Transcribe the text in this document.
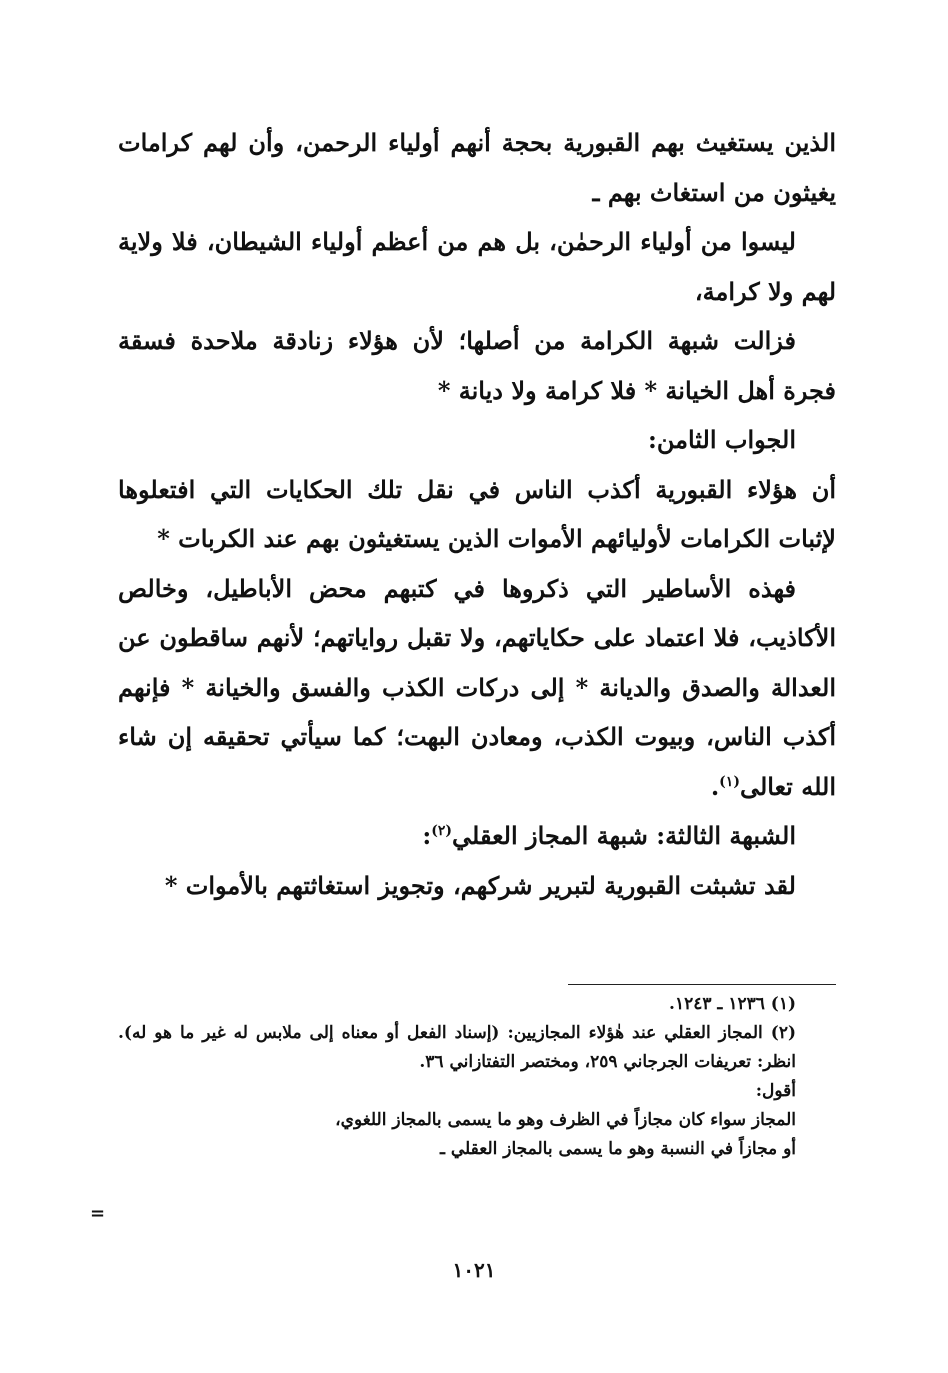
الذين يستغيث بهم القبورية بحجة أنهم أولياء الرحمن، وأن لهم كرامات يغيثون من استغاث بهم ـ

ليسوا من أولياء الرحمٰن، بل هم من أعظم أولياء الشيطان، فلا ولاية لهم ولا كرامة،

فزالت شبهة الكرامة من أصلها؛ لأن هؤلاء زنادقة ملاحدة فسقة فجرة أهل الخيانة * فلا كرامة ولا ديانة *

الجواب الثامن:

أن هؤلاء القبورية أكذب الناس في نقل تلك الحكايات التي افتعلوها لإثبات الكرامات لأوليائهم الأموات الذين يستغيثون بهم عند الكربات *

فهذه الأساطير التي ذكروها في كتبهم محض الأباطيل، وخالص الأكاذيب، فلا اعتماد على حكاياتهم، ولا تقبل رواياتهم؛ لأنهم ساقطون عن العدالة والصدق والديانة * إلى دركات الكذب والفسق والخيانة * فإنهم أكذب الناس، وبيوت الكذب، ومعادن البهت؛ كما سيأتي تحقيقه إن شاء الله تعالى$^{(١)}$.

الشبهة الثالثة: شبهة المجاز العقلي$^{(٢)}$:

لقد تشبثت القبورية لتبرير شركهم، وتجويز استغاثتهم بالأموات *

(١) ١٢٣٦ ـ ١٢٤٣.

(٢) المجاز العقلي عند هٰؤلاء المجازيين: (إسناد الفعل أو معناه إلى ملابس له غير ما هو له). انظر: تعريفات الجرجاني ٢٥٩، ومختصر التفتازاني ٣٦.

أقول:

المجاز سواء كان مجازاً في الظرف وهو ما يسمى بالمجاز اللغوي،

أو مجازاً في النسبة وهو ما يسمى بالمجاز العقلي ـ

=
١٠٢١
